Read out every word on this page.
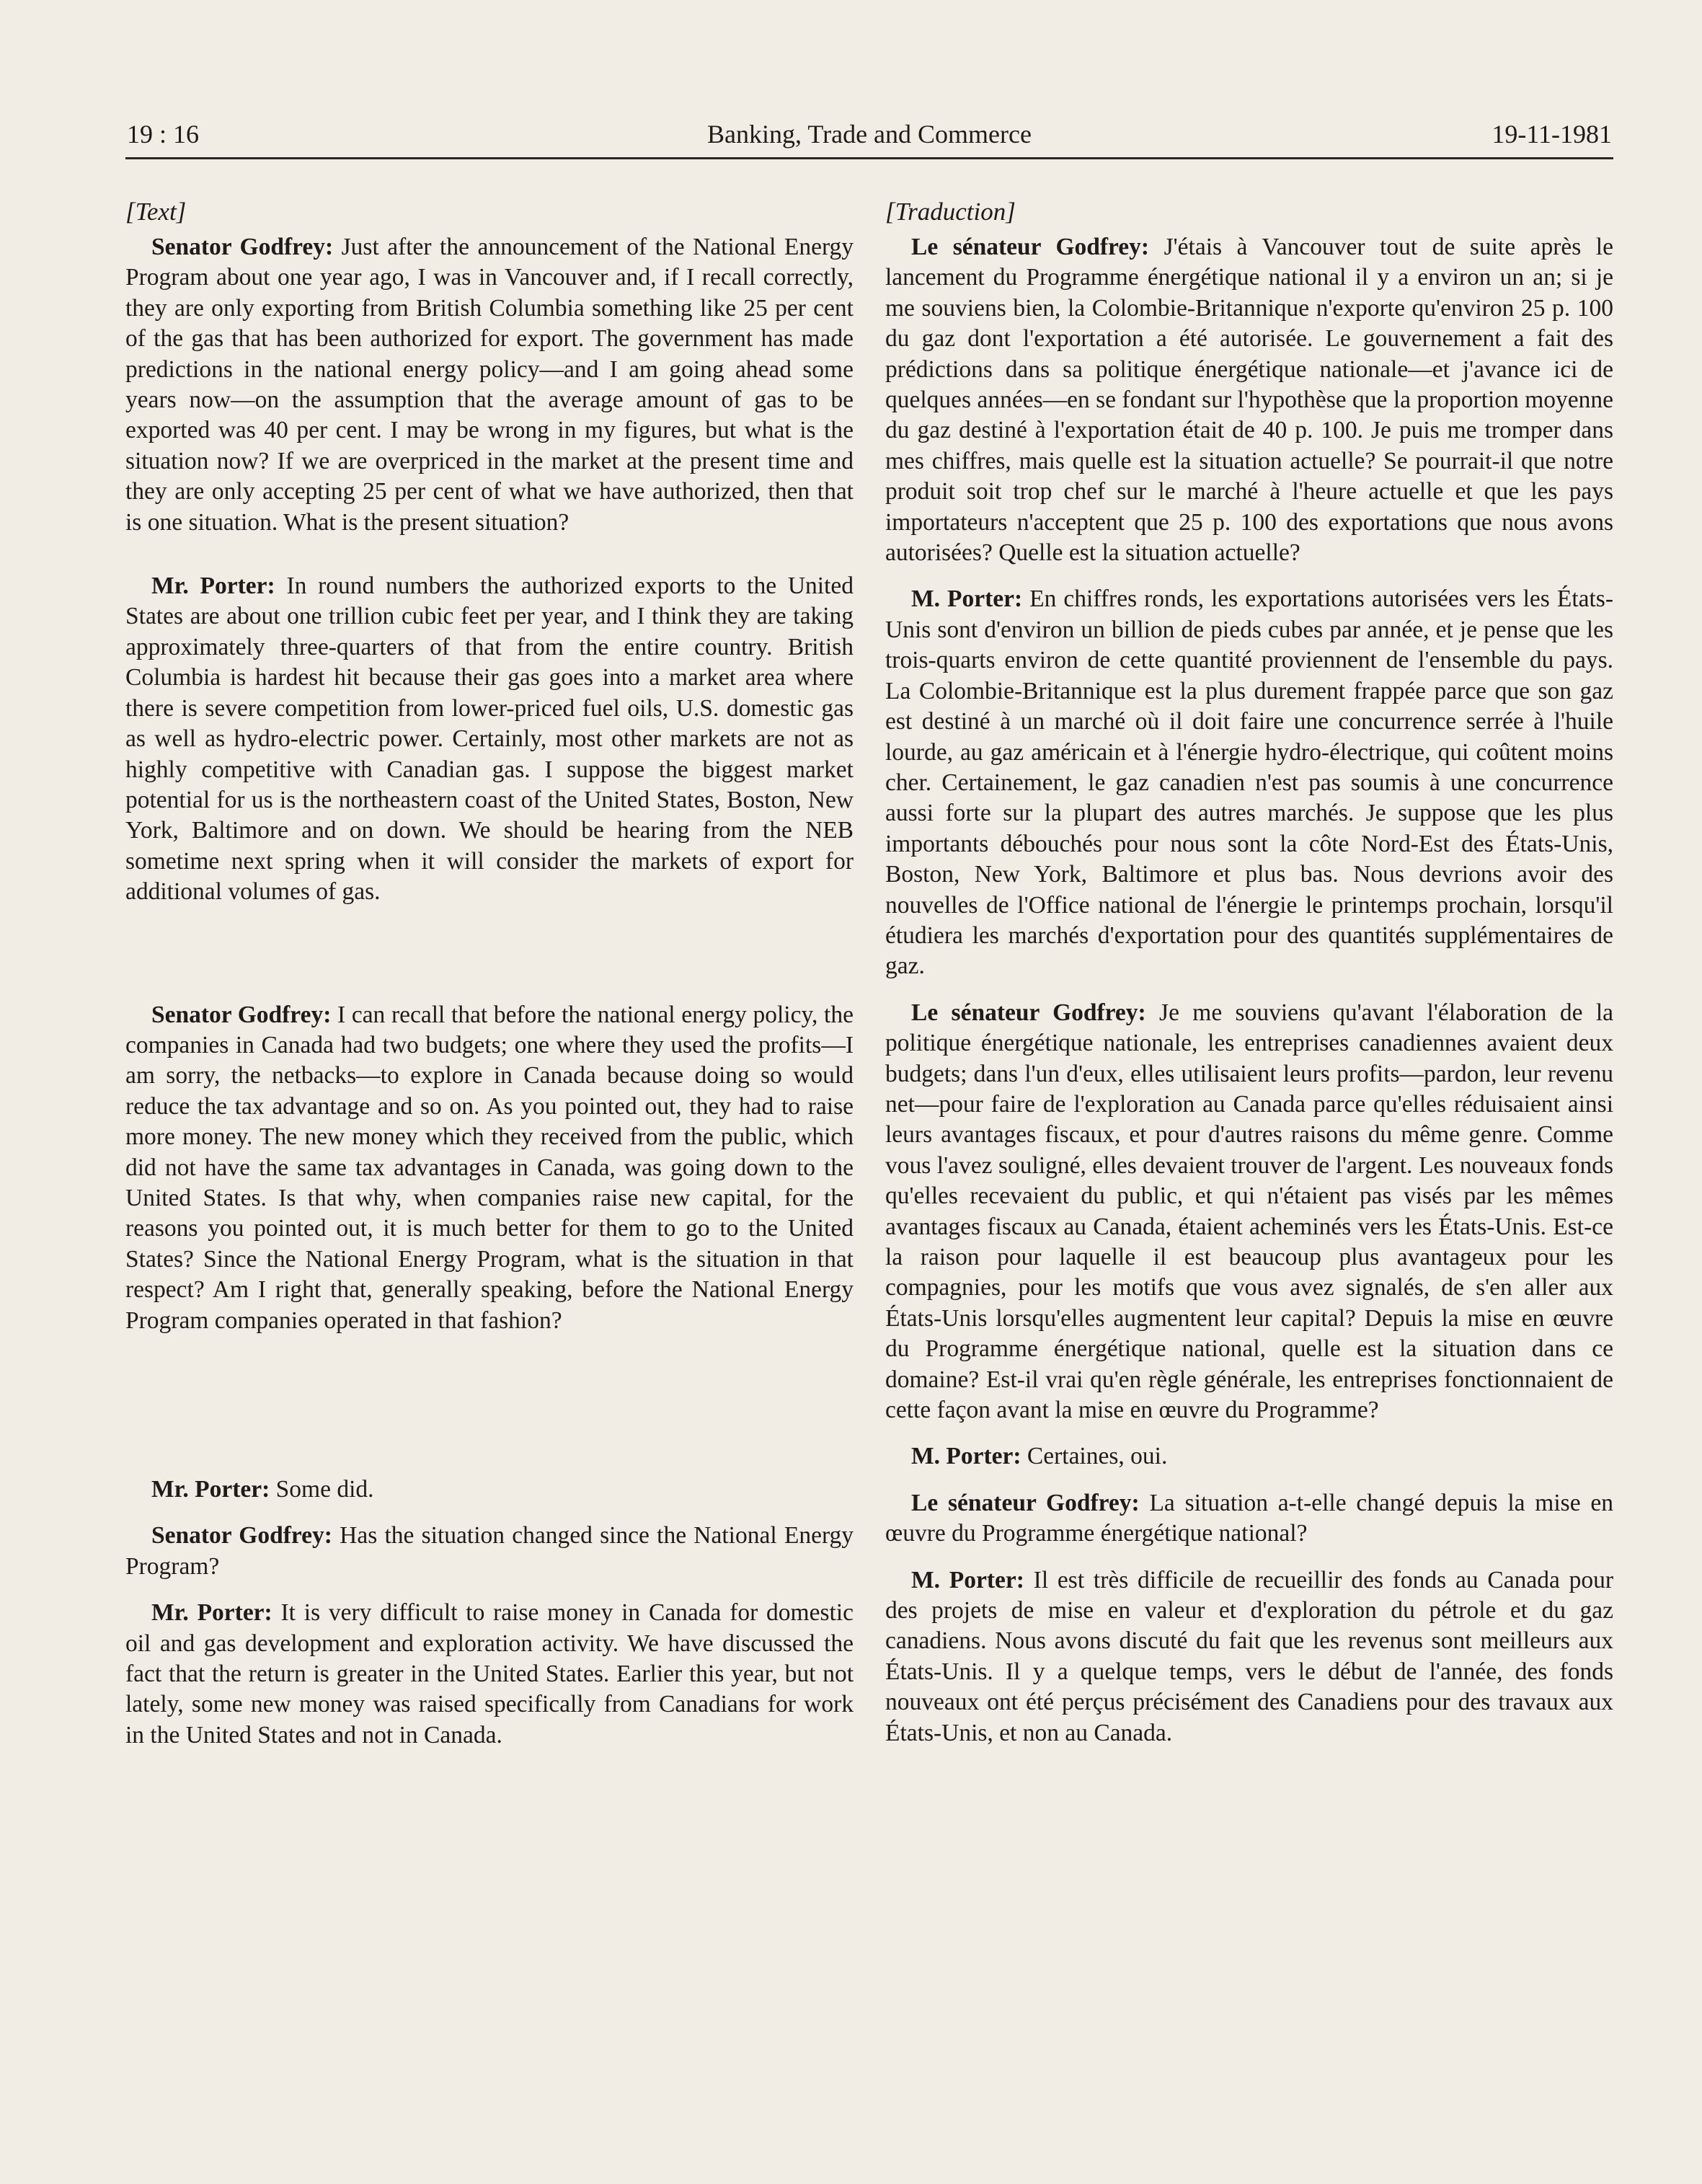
Banking, Trade and Commerce
19 : 16	19-11-1981

[Text]

Senator Godfrey: Just after the announcement of the National Energy Program about one year ago, I was in Vancouver and, if I recall correctly, they are only exporting from British Columbia something like 25 per cent of the gas that has been authorized for export. The government has made predictions in the national energy policy—and I am going ahead some years now—on the assumption that the average amount of gas to be exported was 40 per cent. I may be wrong in my figures, but what is the situation now? If we are overpriced in the market at the present time and they are only accepting 25 per cent of what we have authorized, then that is one situation. What is the present situation?

Mr. Porter: In round numbers the authorized exports to the United States are about one trillion cubic feet per year, and I think they are taking approximately three-quarters of that from the entire country. British Columbia is hardest hit because their gas goes into a market area where there is severe competition from lower-priced fuel oils, U.S. domestic gas as well as hydro-electric power. Certainly, most other markets are not as highly competitive with Canadian gas. I suppose the biggest market potential for us is the northeastern coast of the United States, Boston, New York, Baltimore and on down. We should be hearing from the NEB sometime next spring when it will consider the markets of export for additional volumes of gas.

Senator Godfrey: I can recall that before the national energy policy, the companies in Canada had two budgets; one where they used the profits—I am sorry, the netbacks—to explore in Canada because doing so would reduce the tax advantage and so on. As you pointed out, they had to raise more money. The new money which they received from the public, which did not have the same tax advantages in Canada, was going down to the United States. Is that why, when companies raise new capital, for the reasons you pointed out, it is much better for them to go to the United States? Since the National Energy Program, what is the situation in that respect? Am I right that, generally speaking, before the National Energy Program companies operated in that fashion?

Mr. Porter: Some did.

Senator Godfrey: Has the situation changed since the National Energy Program?

Mr. Porter: It is very difficult to raise money in Canada for domestic oil and gas development and exploration activity. We have discussed the fact that the return is greater in the United States. Earlier this year, but not lately, some new money was raised specifically from Canadians for work in the United States and not in Canada.

[Traduction]

Le sénateur Godfrey: J'étais à Vancouver tout de suite après le lancement du Programme énergétique national il y a environ un an; si je me souviens bien, la Colombie-Britannique n'exporte qu'environ 25 p. 100 du gaz dont l'exportation a été autorisée. Le gouvernement a fait des prédictions dans sa politique énergétique nationale—et j'avance ici de quelques années—en se fondant sur l'hypothèse que la proportion moyenne du gaz destiné à l'exportation était de 40 p. 100. Je puis me tromper dans mes chiffres, mais quelle est la situation actuelle? Se pourrait-il que notre produit soit trop chef sur le marché à l'heure actuelle et que les pays importateurs n'acceptent que 25 p. 100 des exportations que nous avons autorisées? Quelle est la situation actuelle?

M. Porter: En chiffres ronds, les exportations autorisées vers les États-Unis sont d'environ un billion de pieds cubes par année, et je pense que les trois-quarts environ de cette quantité proviennent de l'ensemble du pays. La Colombie-Britannique est la plus durement frappée parce que son gaz est destiné à un marché où il doit faire une concurrence serrée à l'huile lourde, au gaz américain et à l'énergie hydro-électrique, qui coûtent moins cher. Certainement, le gaz canadien n'est pas soumis à une concurrence aussi forte sur la plupart des autres marchés. Je suppose que les plus importants débouchés pour nous sont la côte Nord-Est des États-Unis, Boston, New York, Baltimore et plus bas. Nous devrions avoir des nouvelles de l'Office national de l'énergie le printemps prochain, lorsqu'il étudiera les marchés d'exportation pour des quantités supplémentaires de gaz.

Le sénateur Godfrey: Je me souviens qu'avant l'élaboration de la politique énergétique nationale, les entreprises canadiennes avaient deux budgets; dans l'un d'eux, elles utilisaient leurs profits—pardon, leur revenu net—pour faire de l'exploration au Canada parce qu'elles réduisaient ainsi leurs avantages fiscaux, et pour d'autres raisons du même genre. Comme vous l'avez souligné, elles devaient trouver de l'argent. Les nouveaux fonds qu'elles recevaient du public, et qui n'étaient pas visés par les mêmes avantages fiscaux au Canada, étaient acheminés vers les États-Unis. Est-ce la raison pour laquelle il est beaucoup plus avantageux pour les compagnies, pour les motifs que vous avez signalés, de s'en aller aux États-Unis lorsqu'elles augmentent leur capital? Depuis la mise en œuvre du Programme énergétique national, quelle est la situation dans ce domaine? Est-il vrai qu'en règle générale, les entreprises fonctionnaient de cette façon avant la mise en œuvre du Programme?

M. Porter: Certaines, oui.

Le sénateur Godfrey: La situation a-t-elle changé depuis la mise en œuvre du Programme énergétique national?

M. Porter: Il est très difficile de recueillir des fonds au Canada pour des projets de mise en valeur et d'exploration du pétrole et du gaz canadiens. Nous avons discuté du fait que les revenus sont meilleurs aux États-Unis. Il y a quelque temps, vers le début de l'année, des fonds nouveaux ont été perçus précisément des Canadiens pour des travaux aux États-Unis, et non au Canada.
